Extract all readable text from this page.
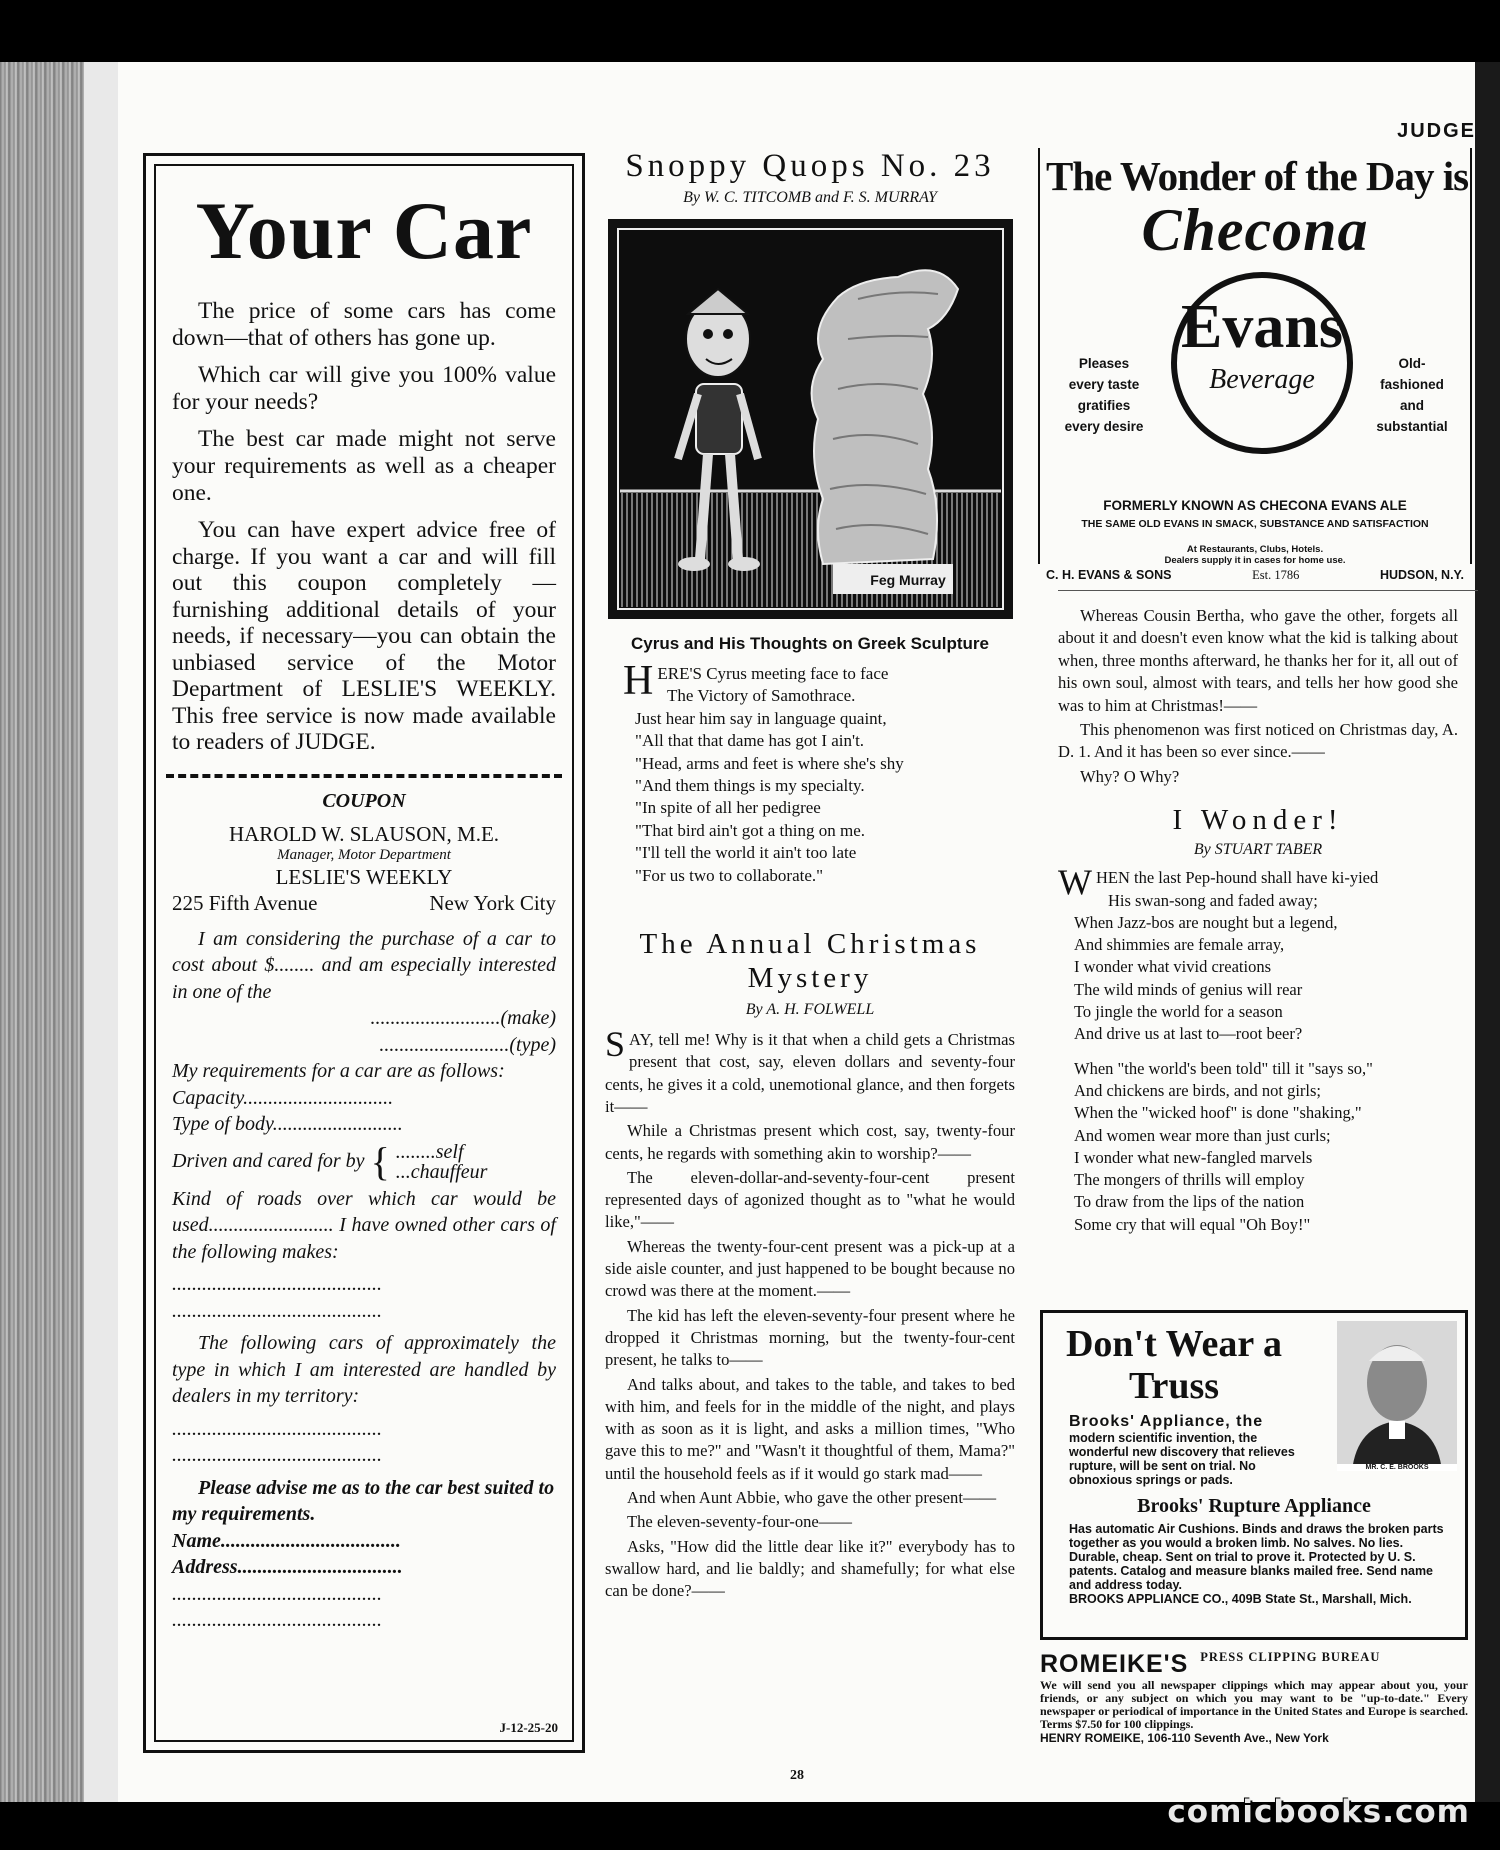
Your Car

The price of some cars has come down—that of others has gone up.

Which car will give you 100% value for your needs?

The best car made might not serve your requirements as well as a cheaper one.

You can have expert advice free of charge. If you want a car and will fill out this coupon completely — furnishing additional details of your needs, if necessary—you can obtain the unbiased service of the Motor Department of LESLIE'S WEEKLY. This free service is now made available to readers of JUDGE.

COUPON
HAROLD W. SLAUSON, M.E.
Manager, Motor Department
LESLIE'S WEEKLY
225 Fifth Avenue	New York City
I am considering the purchase of a car to cost about $........ and am especially interested in one of the
..........................(make)
..........................(type)
My requirements for a car are as follows:
Capacity..............................
Type of body..........................
Driven and cared for by { ........self
...chauffeur
Kind of roads over which car would be used......................... I have owned other cars of the following makes:
..........................................
..........................................
The following cars of approximately the type in which I am interested are handled by dealers in my territory:
..........................................
..........................................
Please advise me as to the car best suited to my requirements.
Name....................................
Address.................................
..........................................
..........................................
J-12-25-20
Snoppy Quops No. 23
By W. C. TITCOMB and F. S. MURRAY
Feg Murray
Cyrus and His Thoughts on Greek Sculpture
H ERE'S Cyrus meeting face to face
The Victory of Samothrace.
Just hear him say in language quaint,
"All that that dame has got I ain't.
"Head, arms and feet is where she's shy
"And them things is my specialty.
"In spite of all her pedigree
"That bird ain't got a thing on me.
"I'll tell the world it ain't too late
"For us two to collaborate."
The Annual Christmas Mystery
By A. H. FOLWELL

SAY, tell me! Why is it that when a child gets a Christmas present that cost, say, eleven dollars and seventy-four cents, he gives it a cold, unemotional glance, and then forgets it——

While a Christmas present which cost, say, twenty-four cents, he regards with something akin to worship?——

The eleven-dollar-and-seventy-four-cent present represented days of agonized thought as to "what he would like,"——

Whereas the twenty-four-cent present was a pick-up at a side aisle counter, and just happened to be bought because no crowd was there at the moment.——

The kid has left the eleven-seventy-four present where he dropped it Christmas morning, but the twenty-four-cent present, he talks to——

And talks about, and takes to the table, and takes to bed with him, and feels for in the middle of the night, and plays with as soon as it is light, and asks a million times, "Who gave this to me?" and "Wasn't it thoughtful of them, Mama?" until the household feels as if it would go stark mad——

And when Aunt Abbie, who gave the other present——

The eleven-seventy-four-one——

Asks, "How did the little dear like it?" everybody has to swallow hard, and lie baldly; and shamefully; for what else can be done?——

JUDGE
The Wonder of the Day is
Checona
Pleases
every taste
gratifies
every desire
Evans
Beverage
Old-
fashioned
and
substantial
FORMERLY KNOWN AS CHECONA EVANS ALE
THE SAME OLD EVANS IN SMACK, SUBSTANCE AND SATISFACTION
At Restaurants, Clubs, Hotels.
Dealers supply it in cases for home use.
C. H. EVANS & SONS	Est. 1786	HUDSON, N.Y.

Whereas Cousin Bertha, who gave the other, forgets all about it and doesn't even know what the kid is talking about when, three months afterward, he thanks her for it, all out of his own soul, almost with tears, and tells her how good she was to him at Christmas!——

This phenomenon was first noticed on Christmas day, A. D. 1. And it has been so ever since.——

Why? O Why?

I Wonder!
By STUART TABER
WHEN the last Pep-hound shall have ki-yied
His swan-song and faded away;
When Jazz-bos are nought but a legend,
And shimmies are female array,
I wonder what vivid creations
The wild minds of genius will rear
To jingle the world for a season
And drive us at last to—root beer?
When "the world's been told" till it "says so,"
And chickens are birds, and not girls;
When the "wicked hoof" is done "shaking,"
And women wear more than just curls;
I wonder what new-fangled marvels
The mongers of thrills will employ
To draw from the lips of the nation
Some cry that will equal "Oh Boy!"
Don't Wear a Truss
MR. C. E. BROOKS
Brooks' Appliance, the
modern scientific invention, the wonderful new discovery that relieves rupture, will be sent on trial. No obnoxious springs or pads.
Brooks' Rupture Appliance
Has automatic Air Cushions. Binds and draws the broken parts together as you would a broken limb. No salves. No lies. Durable, cheap. Sent on trial to prove it. Protected by U. S. patents. Catalog and measure blanks mailed free. Send name and address today.
BROOKS APPLIANCE CO., 409B State St., Marshall, Mich.
ROMEIKE'S PRESS CLIPPING BUREAU
We will send you all newspaper clippings which may appear about you, your friends, or any subject on which you may want to be "up-to-date." Every newspaper or periodical of importance in the United States and Europe is searched. Terms $7.50 for 100 clippings.
HENRY ROMEIKE, 106-110 Seventh Ave., New York
28
comicbooks.com
